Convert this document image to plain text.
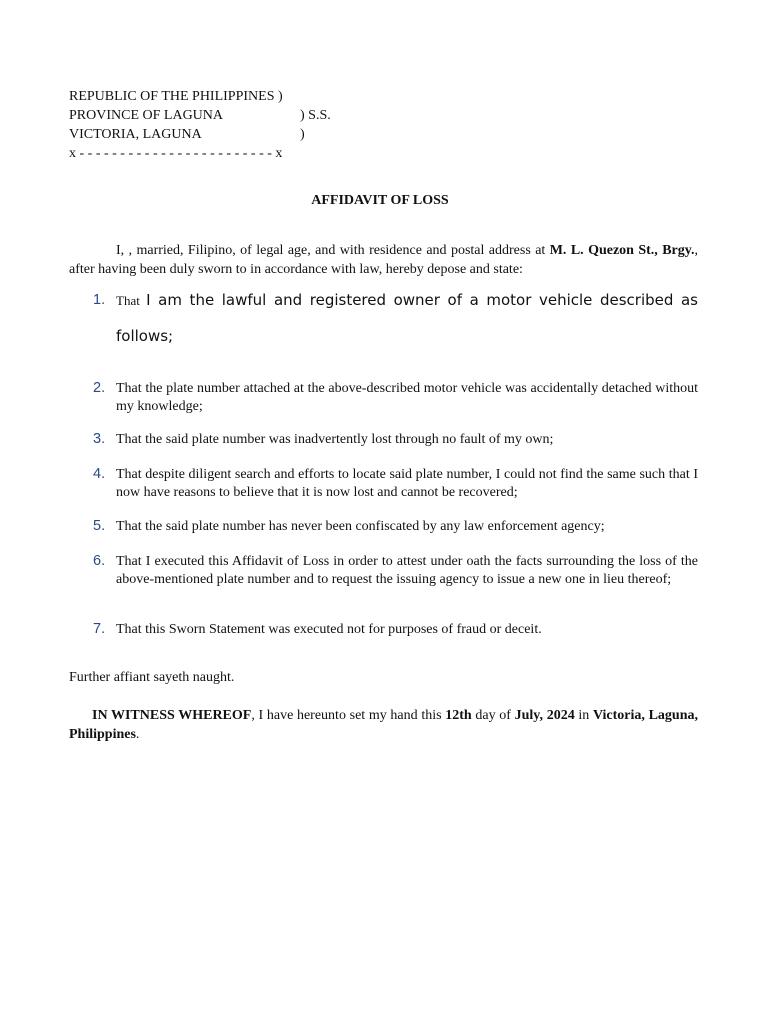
REPUBLIC OF THE PHILIPPINES )
PROVINCE OF LAGUNA	) S.S.
VICTORIA, LAGUNA	)
x - - - - - - - - - - - - - - - - - - - - - - - - x
AFFIDAVIT OF LOSS
I, , married, Filipino, of legal age, and with residence and postal address at M. L. Quezon St., Brgy., after having been duly sworn to in accordance with law, hereby depose and state:
1. That I am the lawful and registered owner of a motor vehicle described as follows;
2. That the plate number attached at the above-described motor vehicle was accidentally detached without my knowledge;
3. That the said plate number was inadvertently lost through no fault of my own;
4. That despite diligent search and efforts to locate said plate number, I could not find the same such that I now have reasons to believe that it is now lost and cannot be recovered;
5. That the said plate number has never been confiscated by any law enforcement agency;
6. That I executed this Affidavit of Loss in order to attest under oath the facts surrounding the loss of the above-mentioned plate number and to request the issuing agency to issue a new one in lieu thereof;
7. That this Sworn Statement was executed not for purposes of fraud or deceit.
Further affiant sayeth naught.
IN WITNESS WHEREOF, I have hereunto set my hand this 12th day of July, 2024 in Victoria, Laguna, Philippines.
